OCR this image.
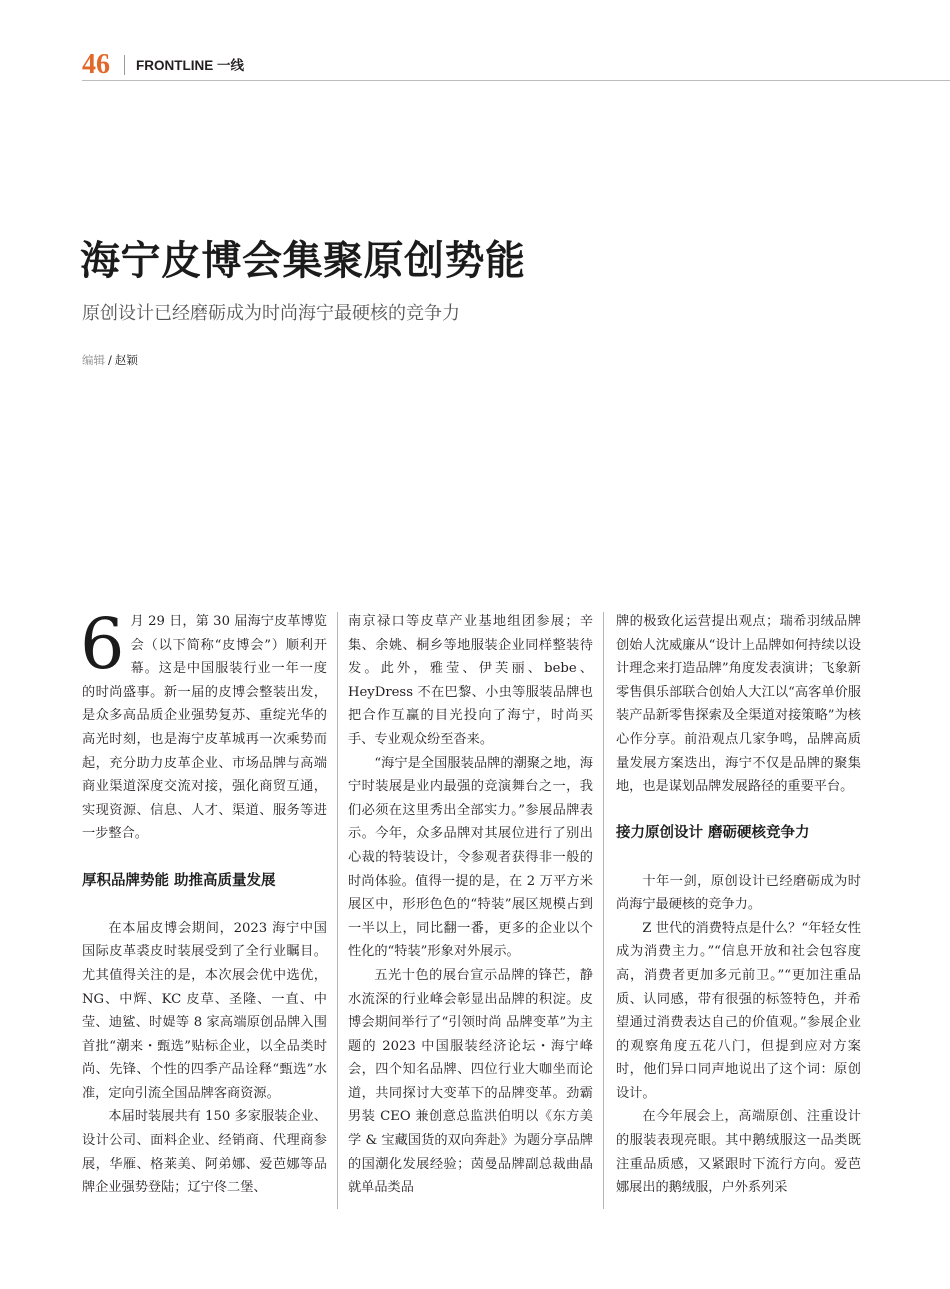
46 FRONTLINE 一线
海宁皮博会集聚原创势能
原创设计已经磨砺成为时尚海宁最硬核的竞争力
编辑 / 赵颖

6 月 29 日，第 30 届海宁皮革博览会（以下简称“皮博会”）顺利开幕。这是中国服装行业一年一度的时尚盛事。新一届的皮博会整装出发，是众多高品质企业强势复苏、重绽光华的高光时刻，也是海宁皮革城再一次乘势而起，充分助力皮革企业、市场品牌与高端商业渠道深度交流对接，强化商贸互通，实现资源、信息、人才、渠道、服务等进一步整合。

厚积品牌势能 助推高质量发展

在本届皮博会期间，2023 海宁中国国际皮革裘皮时装展受到了全行业瞩目。尤其值得关注的是，本次展会优中选优，NG、中辉、KC 皮草、圣隆、一直、中莹、迪鲨、时媞等 8 家高端原创品牌入围首批“潮来・甄选”贴标企业，以全品类时尚、先锋、个性的四季产品诠释“甄选”水准，定向引流全国品牌客商资源。

本届时装展共有 150 多家服装企业、设计公司、面料企业、经销商、代理商参展，华雁、格莱美、阿弟娜、爱芭娜等品牌企业强势登陆；辽宁佟二堡、

南京禄口等皮草产业基地组团参展；辛集、余姚、桐乡等地服装企业同样整装待发。此外，雅莹、伊芙丽、bebe、HeyDress 不在巴黎、小虫等服装品牌也把合作互赢的目光投向了海宁，时尚买手、专业观众纷至沓来。

“海宁是全国服装品牌的潮聚之地，海宁时装展是业内最强的竞演舞台之一，我们必须在这里秀出全部实力。”参展品牌表示。今年，众多品牌对其展位进行了别出心裁的特装设计，令参观者获得非一般的时尚体验。值得一提的是，在 2 万平方米展区中，形形色色的“特装”展区规模占到一半以上，同比翻一番，更多的企业以个性化的“特装”形象对外展示。

五光十色的展台宣示品牌的锋芒，静水流深的行业峰会彰显出品牌的积淀。皮博会期间举行了“引领时尚 品牌变革”为主题的 2023 中国服装经济论坛・海宁峰会，四个知名品牌、四位行业大咖坐而论道，共同探讨大变革下的品牌变革。劲霸男装 CEO 兼创意总监洪伯明以《东方美学 & 宝藏国货的双向奔赴》为题分享品牌的国潮化发展经验；茵曼品牌副总裁曲晶就单品类品

牌的极致化运营提出观点；瑞希羽绒品牌创始人沈威廉从“设计上品牌如何持续以设计理念来打造品牌”角度发表演讲；飞象新零售俱乐部联合创始人大江以“高客单价服装产品新零售探索及全渠道对接策略”为核心作分享。前沿观点几家争鸣，品牌高质量发展方案迭出，海宁不仅是品牌的聚集地，也是谋划品牌发展路径的重要平台。

接力原创设计 磨砺硬核竞争力

十年一剑，原创设计已经磨砺成为时尚海宁最硬核的竞争力。

Z 世代的消费特点是什么？“年轻女性成为消费主力。”“信息开放和社会包容度高，消费者更加多元前卫。”“更加注重品质、认同感，带有很强的标签特色，并希望通过消费表达自己的价值观。”参展企业的观察角度五花八门，但提到应对方案时，他们异口同声地说出了这个词：原创设计。

在今年展会上，高端原创、注重设计的服装表现亮眼。其中鹅绒服这一品类既注重品质感，又紧跟时下流行方向。爱芭娜展出的鹅绒服，户外系列采
